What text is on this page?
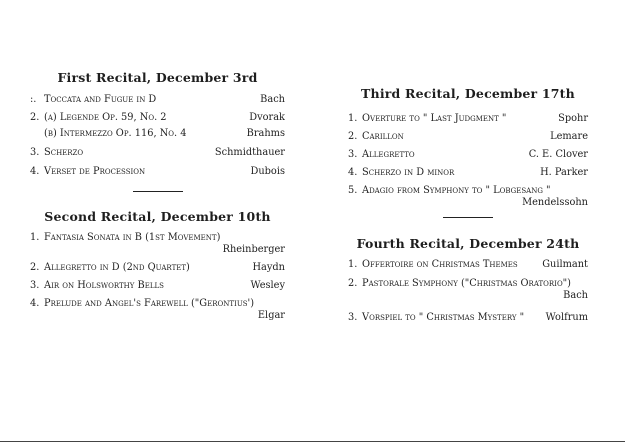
First Recital, December 3rd
:. Toccata and Fugue in D	Bach
2. (a) Legende Op. 59, No. 2	Dvorak
(b) Intermezzo Op. 116, No. 4	Brahms
3. Scherzo	Schmidthauer
4. Verset de Procession	Dubois
Second Recital, December 10th
1. Fantasia Sonata in B (1st Movement)
Rheinberger
2. Allegretto in D (2nd Quartet)	Haydn
3. Air on Holsworthy Bells	Wesley
4. Prelude and Angel's Farewell ("Gerontius')
Elgar
Third Recital, December 17th
1. Overture to " Last Judgment "	Spohr
2. Carillon	Lemare
3. Allegretto	C. E. Clover
4. Scherzo in D minor	H. Parker
5. Adagio from Symphony to " Lobgesang "
Mendelssohn
Fourth Recital, December 24th
1. Offertoire on Christmas Themes	Guilmant
2. Pastorale Symphony ("Christmas Oratorio")
Bach
3. Vorspiel to " Christmas Mystery " Wolfrum
